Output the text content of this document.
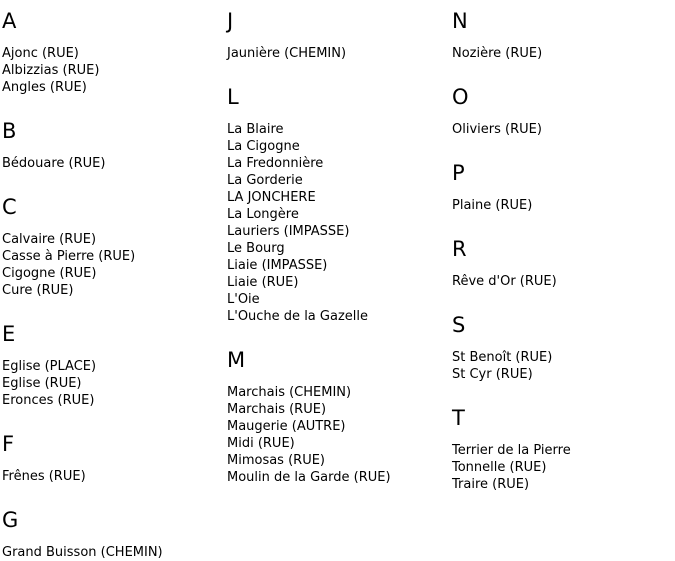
A
Ajonc (RUE)
Albizzias (RUE)
Angles (RUE)
B
Bédouare (RUE)
C
Calvaire (RUE)
Casse à Pierre (RUE)
Cigogne (RUE)
Cure (RUE)
E
Eglise (PLACE)
Eglise (RUE)
Eronces (RUE)
F
Frênes (RUE)
G
Grand Buisson (CHEMIN)
J
Jaunière (CHEMIN)
L
La Blaire
La Cigogne
La Fredonnière
La Gorderie
LA JONCHERE
La Longère
Lauriers (IMPASSE)
Le Bourg
Liaie (IMPASSE)
Liaie (RUE)
L'Oie
L'Ouche de la Gazelle
M
Marchais (CHEMIN)
Marchais (RUE)
Maugerie (AUTRE)
Midi (RUE)
Mimosas (RUE)
Moulin de la Garde (RUE)
N
Nozière (RUE)
O
Oliviers (RUE)
P
Plaine (RUE)
R
Rêve d'Or (RUE)
S
St Benoît (RUE)
St Cyr (RUE)
T
Terrier de la Pierre
Tonnelle (RUE)
Traire (RUE)
